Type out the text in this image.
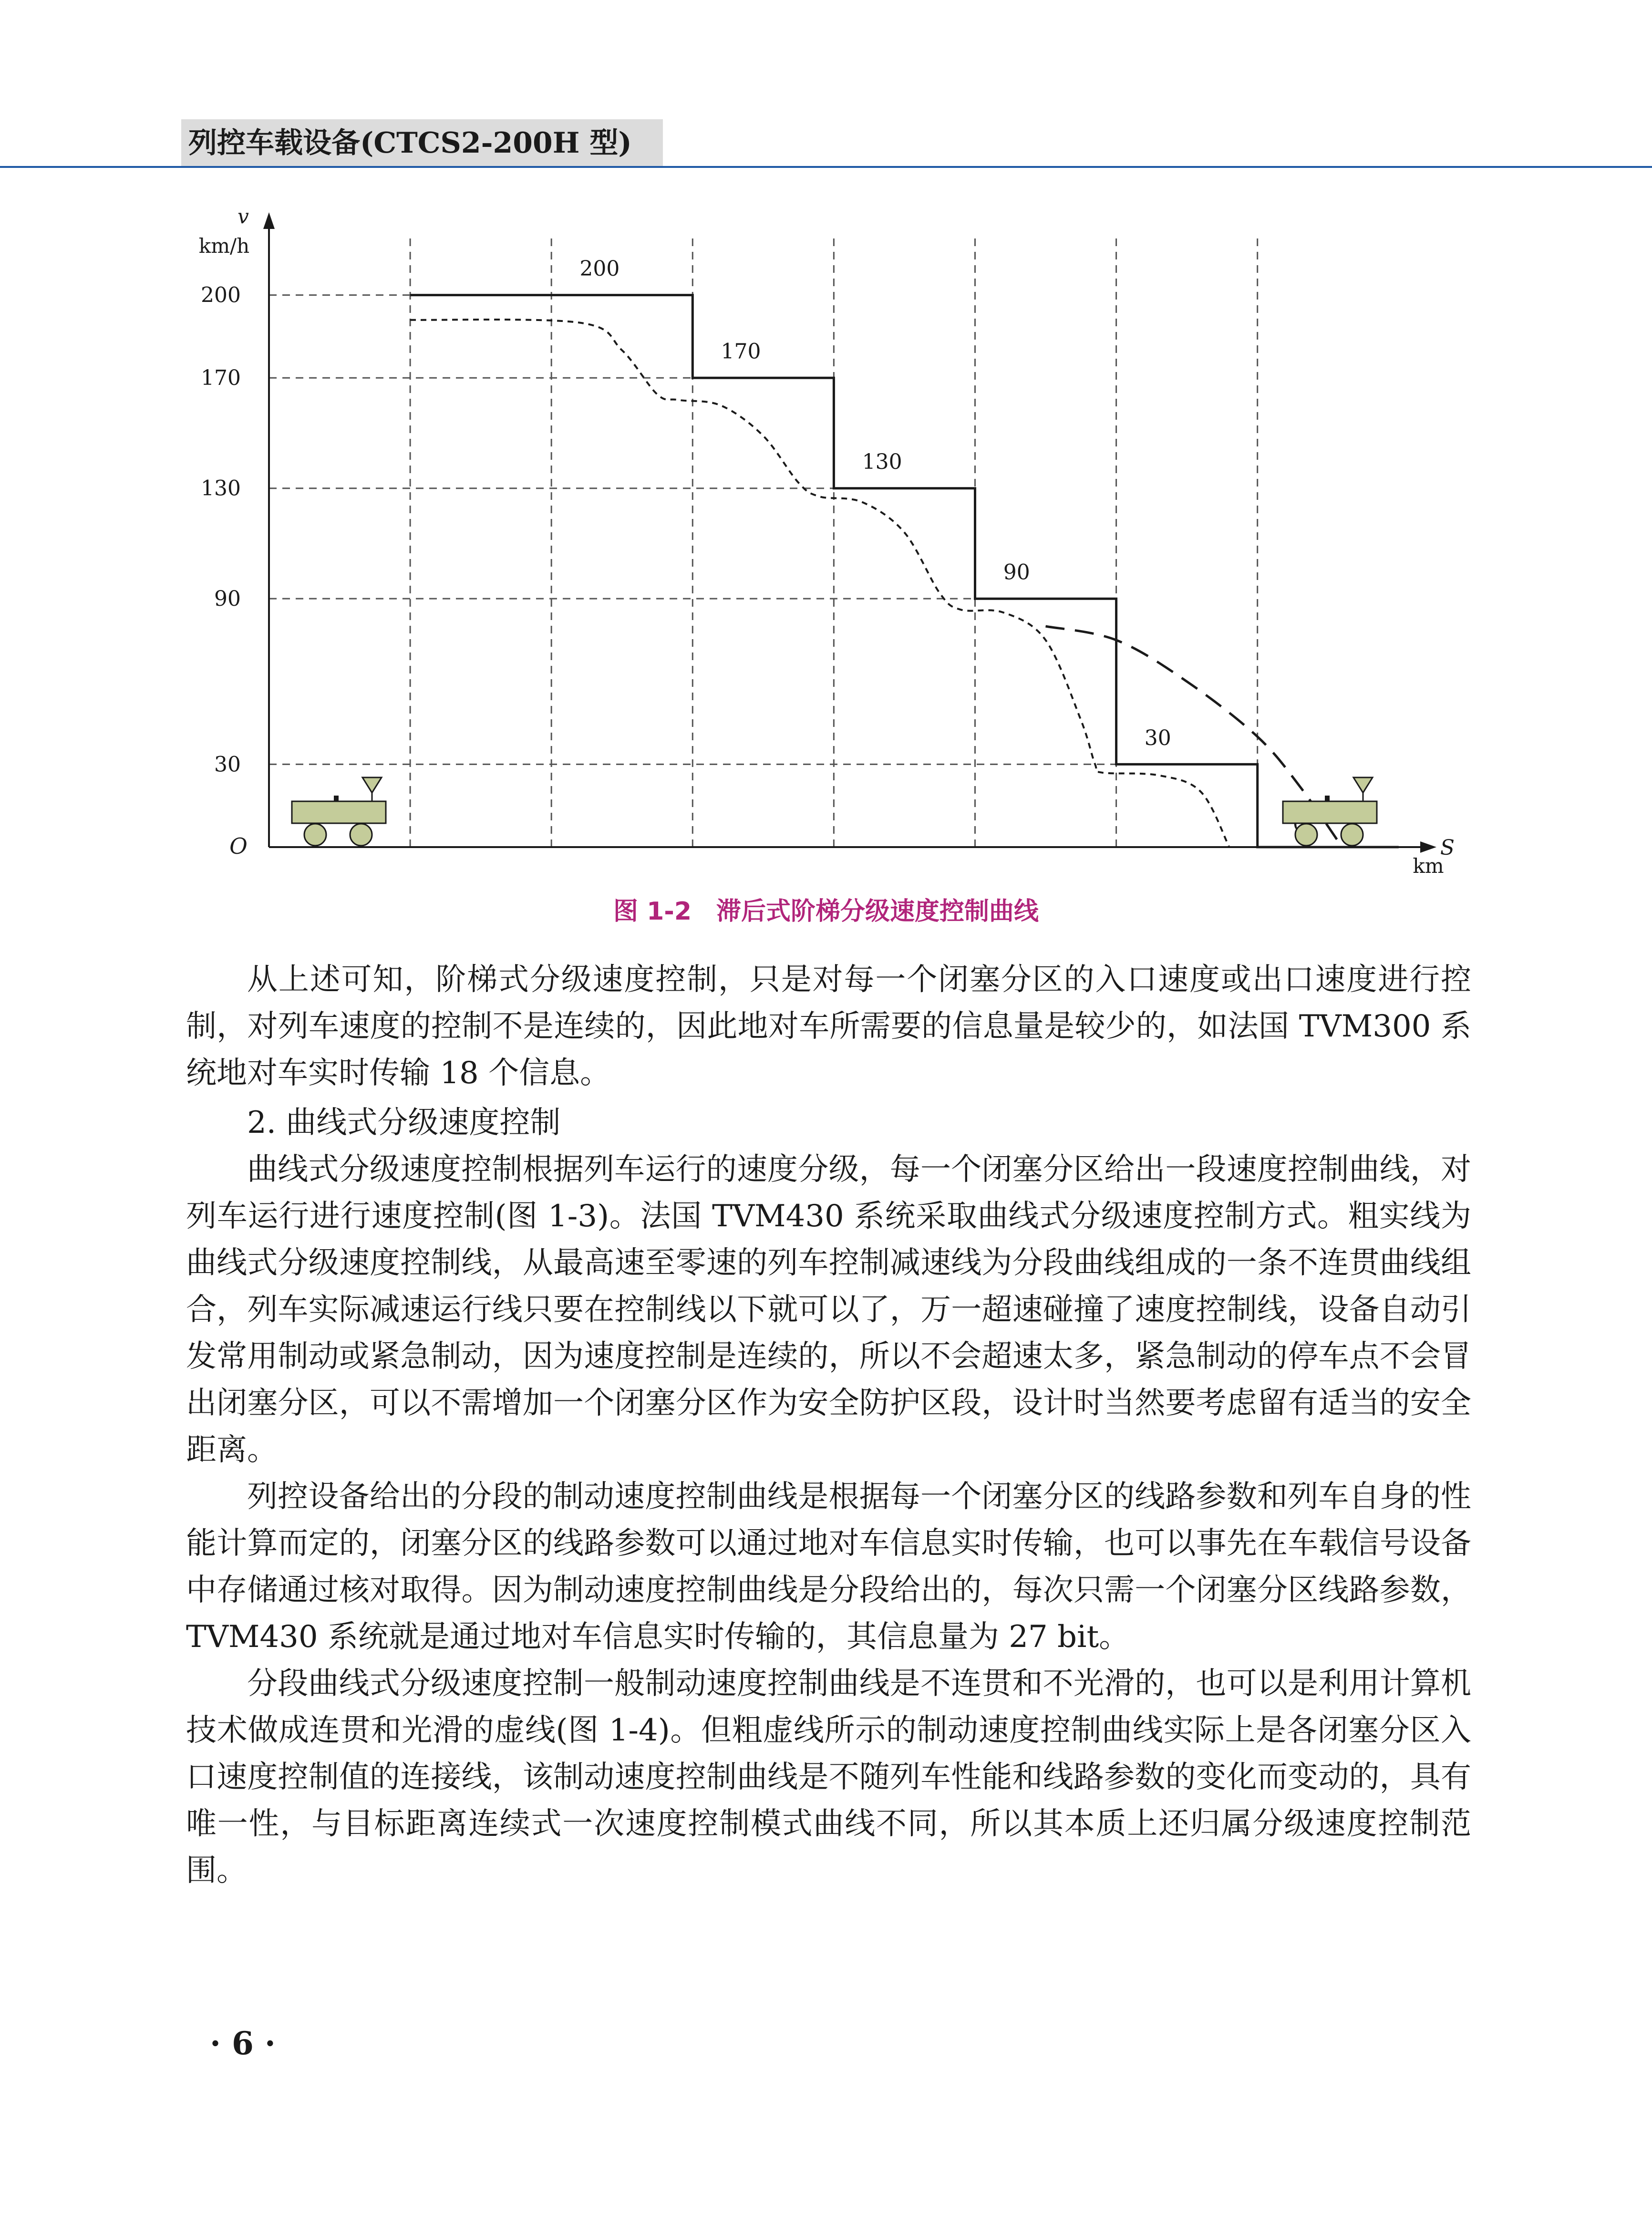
列控车载设备(CTCS2-200H 型)
v
km/h
S
km
O
200
170
130
90
30
200
170
130
90
30
图 1-2　滞后式阶梯分级速度控制曲线

从上述可知，阶梯式分级速度控制，只是对每一个闭塞分区的入口速度或出口速度进行控制，对列车速度的控制不是连续的，因此地对车所需要的信息量是较少的，如法国 TVM300 系统地对车实时传输 18 个信息。

2. 曲线式分级速度控制

曲线式分级速度控制根据列车运行的速度分级，每一个闭塞分区给出一段速度控制曲线，对列车运行进行速度控制(图 1-3)。法国 TVM430 系统采取曲线式分级速度控制方式。粗实线为曲线式分级速度控制线，从最高速至零速的列车控制减速线为分段曲线组成的一条不连贯曲线组合，列车实际减速运行线只要在控制线以下就可以了，万一超速碰撞了速度控制线，设备自动引发常用制动或紧急制动，因为速度控制是连续的，所以不会超速太多，紧急制动的停车点不会冒出闭塞分区，可以不需增加一个闭塞分区作为安全防护区段，设计时当然要考虑留有适当的安全距离。

列控设备给出的分段的制动速度控制曲线是根据每一个闭塞分区的线路参数和列车自身的性能计算而定的，闭塞分区的线路参数可以通过地对车信息实时传输，也可以事先在车载信号设备中存储通过核对取得。因为制动速度控制曲线是分段给出的，每次只需一个闭塞分区线路参数，TVM430 系统就是通过地对车信息实时传输的，其信息量为 27 bit。

分段曲线式分级速度控制一般制动速度控制曲线是不连贯和不光滑的，也可以是利用计算机技术做成连贯和光滑的虚线(图 1-4)。但粗虚线所示的制动速度控制曲线实际上是各闭塞分区入口速度控制值的连接线，该制动速度控制曲线是不随列车性能和线路参数的变化而变动的，具有唯一性，与目标距离连续式一次速度控制模式曲线不同，所以其本质上还归属分级速度控制范围。

· 6 ·
